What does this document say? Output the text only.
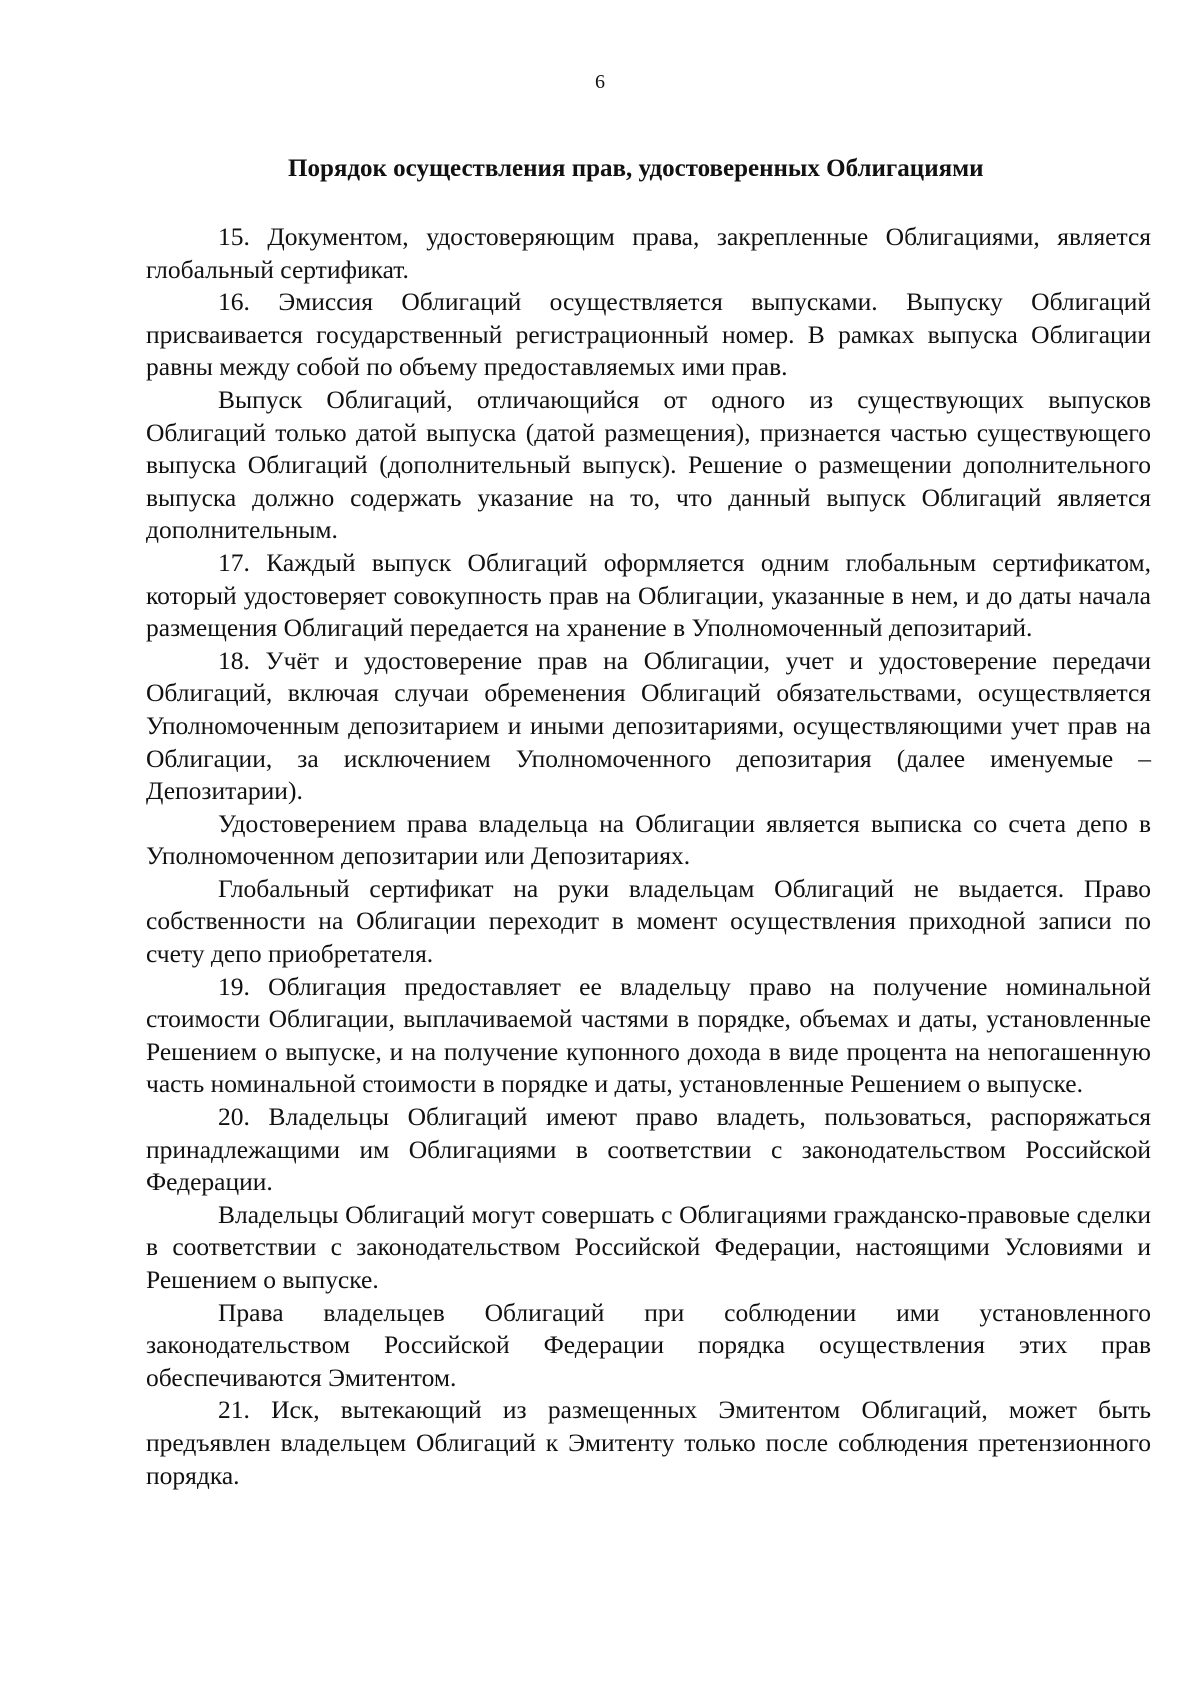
6
Порядок осуществления прав, удостоверенных Облигациями

15. Документом, удостоверяющим права, закрепленные Облигациями, является глобальный сертификат.

16. Эмиссия Облигаций осуществляется выпусками. Выпуску Облигаций присваивается государственный регистрационный номер. В рамках выпуска Облигации равны между собой по объему предоставляемых ими прав.

Выпуск Облигаций, отличающийся от одного из существующих выпусков Облигаций только датой выпуска (датой размещения), признается частью существующего выпуска Облигаций (дополнительный выпуск). Решение о размещении дополнительного выпуска должно содержать указание на то, что данный выпуск Облигаций является дополнительным.

17. Каждый выпуск Облигаций оформляется одним глобальным сертификатом, который удостоверяет совокупность прав на Облигации, указанные в нем, и до даты начала размещения Облигаций передается на хранение в Уполномоченный депозитарий.

18. Учёт и удостоверение прав на Облигации, учет и удостоверение передачи Облигаций, включая случаи обременения Облигаций обязательствами, осуществляется Уполномоченным депозитарием и иными депозитариями, осуществляющими учет прав на Облигации, за исключением Уполномоченного депозитария (далее именуемые – Депозитарии).

Удостоверением права владельца на Облигации является выписка со счета депо в Уполномоченном депозитарии или Депозитариях.

Глобальный сертификат на руки владельцам Облигаций не выдается. Право собственности на Облигации переходит в момент осуществления приходной записи по счету депо приобретателя.

19. Облигация предоставляет ее владельцу право на получение номинальной стоимости Облигации, выплачиваемой частями в порядке, объемах и даты, установленные Решением о выпуске, и на получение купонного дохода в виде процента на непогашенную часть номинальной стоимости в порядке и даты, установленные Решением о выпуске.

20. Владельцы Облигаций имеют право владеть, пользоваться, распоряжаться принадлежащими им Облигациями в соответствии с законодательством Российской Федерации.

Владельцы Облигаций могут совершать с Облигациями гражданско-правовые сделки в соответствии с законодательством Российской Федерации, настоящими Условиями и Решением о выпуске.

Права владельцев Облигаций при соблюдении ими установленного законодательством Российской Федерации порядка осуществления этих прав обеспечиваются Эмитентом.

21. Иск, вытекающий из размещенных Эмитентом Облигаций, может быть предъявлен владельцем Облигаций к Эмитенту только после соблюдения претензионного порядка.
